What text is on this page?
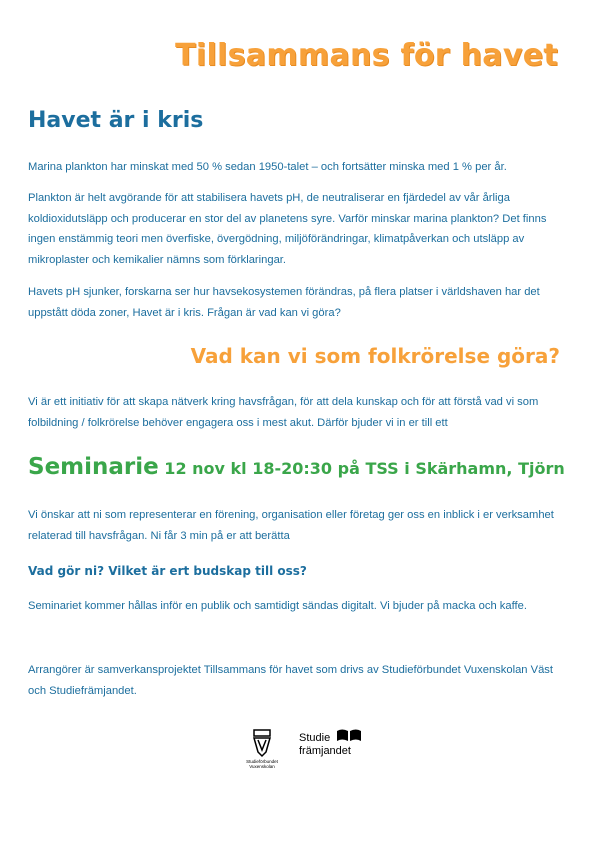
Tillsammans för havet
Havet är i kris

Marina plankton har minskat med 50 % sedan 1950-talet – och fortsätter minska med 1 % per år.

Plankton är helt avgörande för att stabilisera havets pH, de neutraliserar en fjärdedel av vår årliga koldioxidutsläpp och producerar en stor del av planetens syre. Varför minskar marina plankton? Det finns ingen enstämmig teori men överfiske, övergödning, miljöförändringar, klimatpåverkan och utsläpp av mikroplaster och kemikalier nämns som förklaringar.

Havets pH sjunker, forskarna ser hur havsekosystemen förändras, på flera platser i världshaven har det uppstått döda zoner, Havet är i kris. Frågan är vad kan vi göra?

Vad kan vi som folkrörelse göra?

Vi är ett initiativ för att skapa nätverk kring havsfrågan, för att dela kunskap och för att förstå vad vi som folbildning / folkrörelse behöver engagera oss i mest akut. Därför bjuder vi in er till ett

Seminarie 12 nov kl 18-20:30 på TSS i Skärhamn, Tjörn

Vi önskar att ni som representerar en förening, organisation eller företag ger oss en inblick i er verksamhet relaterad till havsfrågan. Ni får 3 min på er att berätta

Vad gör ni? Vilket är ert budskap till oss?

Seminariet kommer hållas inför en publik och samtidigt sändas digitalt. Vi bjuder på macka och kaffe.

Arrangörer är samverkansprojektet Tillsammans för havet som drivs av Studieförbundet Vuxenskolan Väst och Studiefrämjandet.

Studieförbundet Vuxenskolan
Studie
främjandet
